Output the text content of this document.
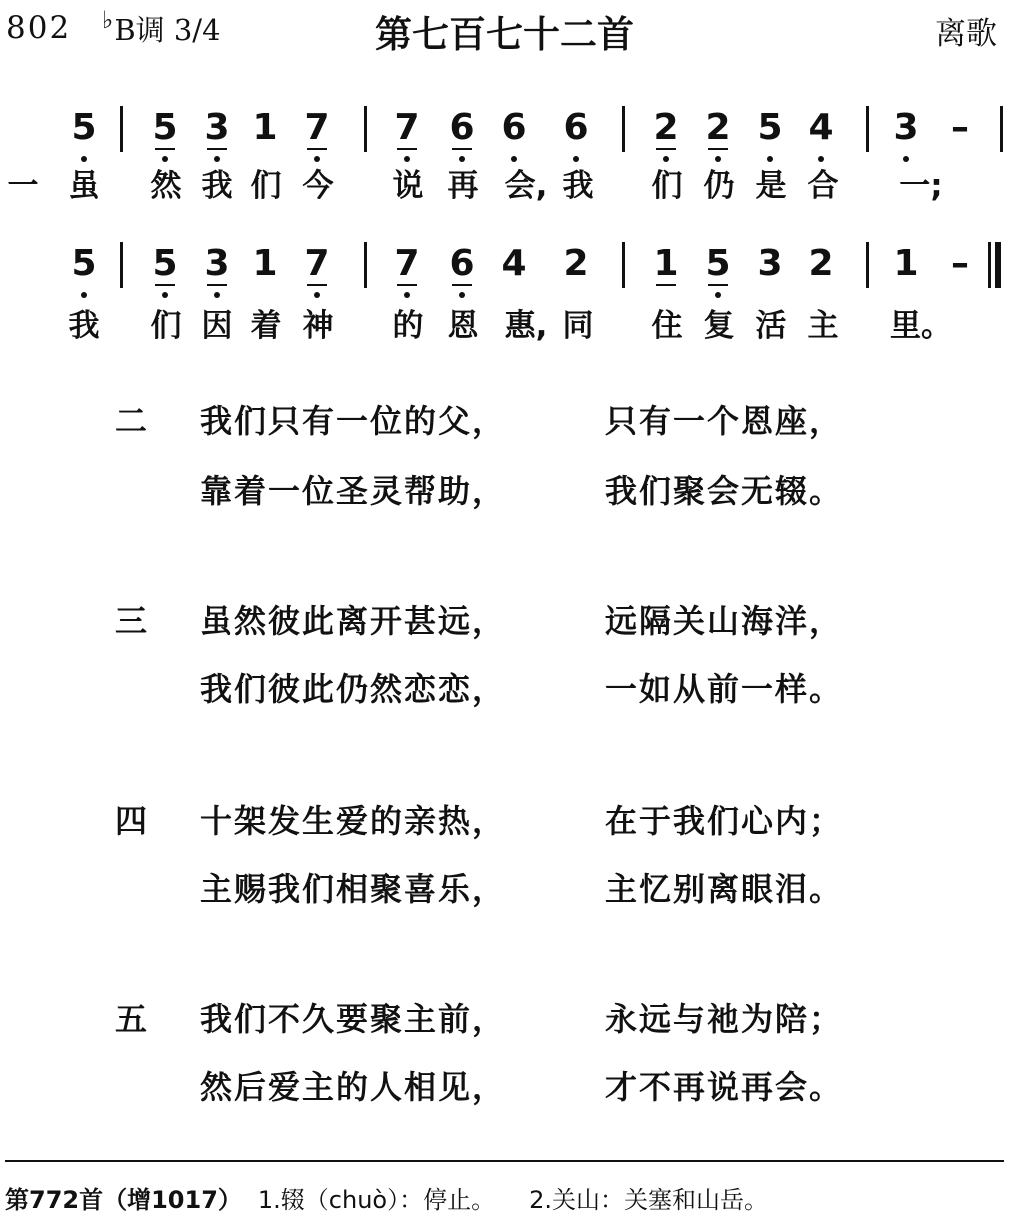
802 ♭B调 3/4	第七百七十二首	离歌
5 5 3 1 7 7 6 6 6 2 2 5 4 3 –
一 虽 然 我 们 今 说 再 会, 我 们 仍 是 合	一;
5 5 3 1 7 7 6 4 2 1 5 3 2 1 –
我 们 因 着 神 的 恩 惠, 同 住 复 活 主 里。
二 我们只有一位的父，	只有一个恩座，
靠着一位圣灵帮助，	我们聚会无辍。
三 虽然彼此离开甚远，	远隔关山海洋，
我们彼此仍然恋恋，	一如从前一样。
四 十架发生爱的亲热，	在于我们心内；
主赐我们相聚喜乐，	主忆别离眼泪。
五 我们不久要聚主前，	永远与祂为陪；
然后爱主的人相见，	才不再说再会。
第772首（增1017） 1.辍（chuò）：停止。 2.关山：关塞和山岳。
